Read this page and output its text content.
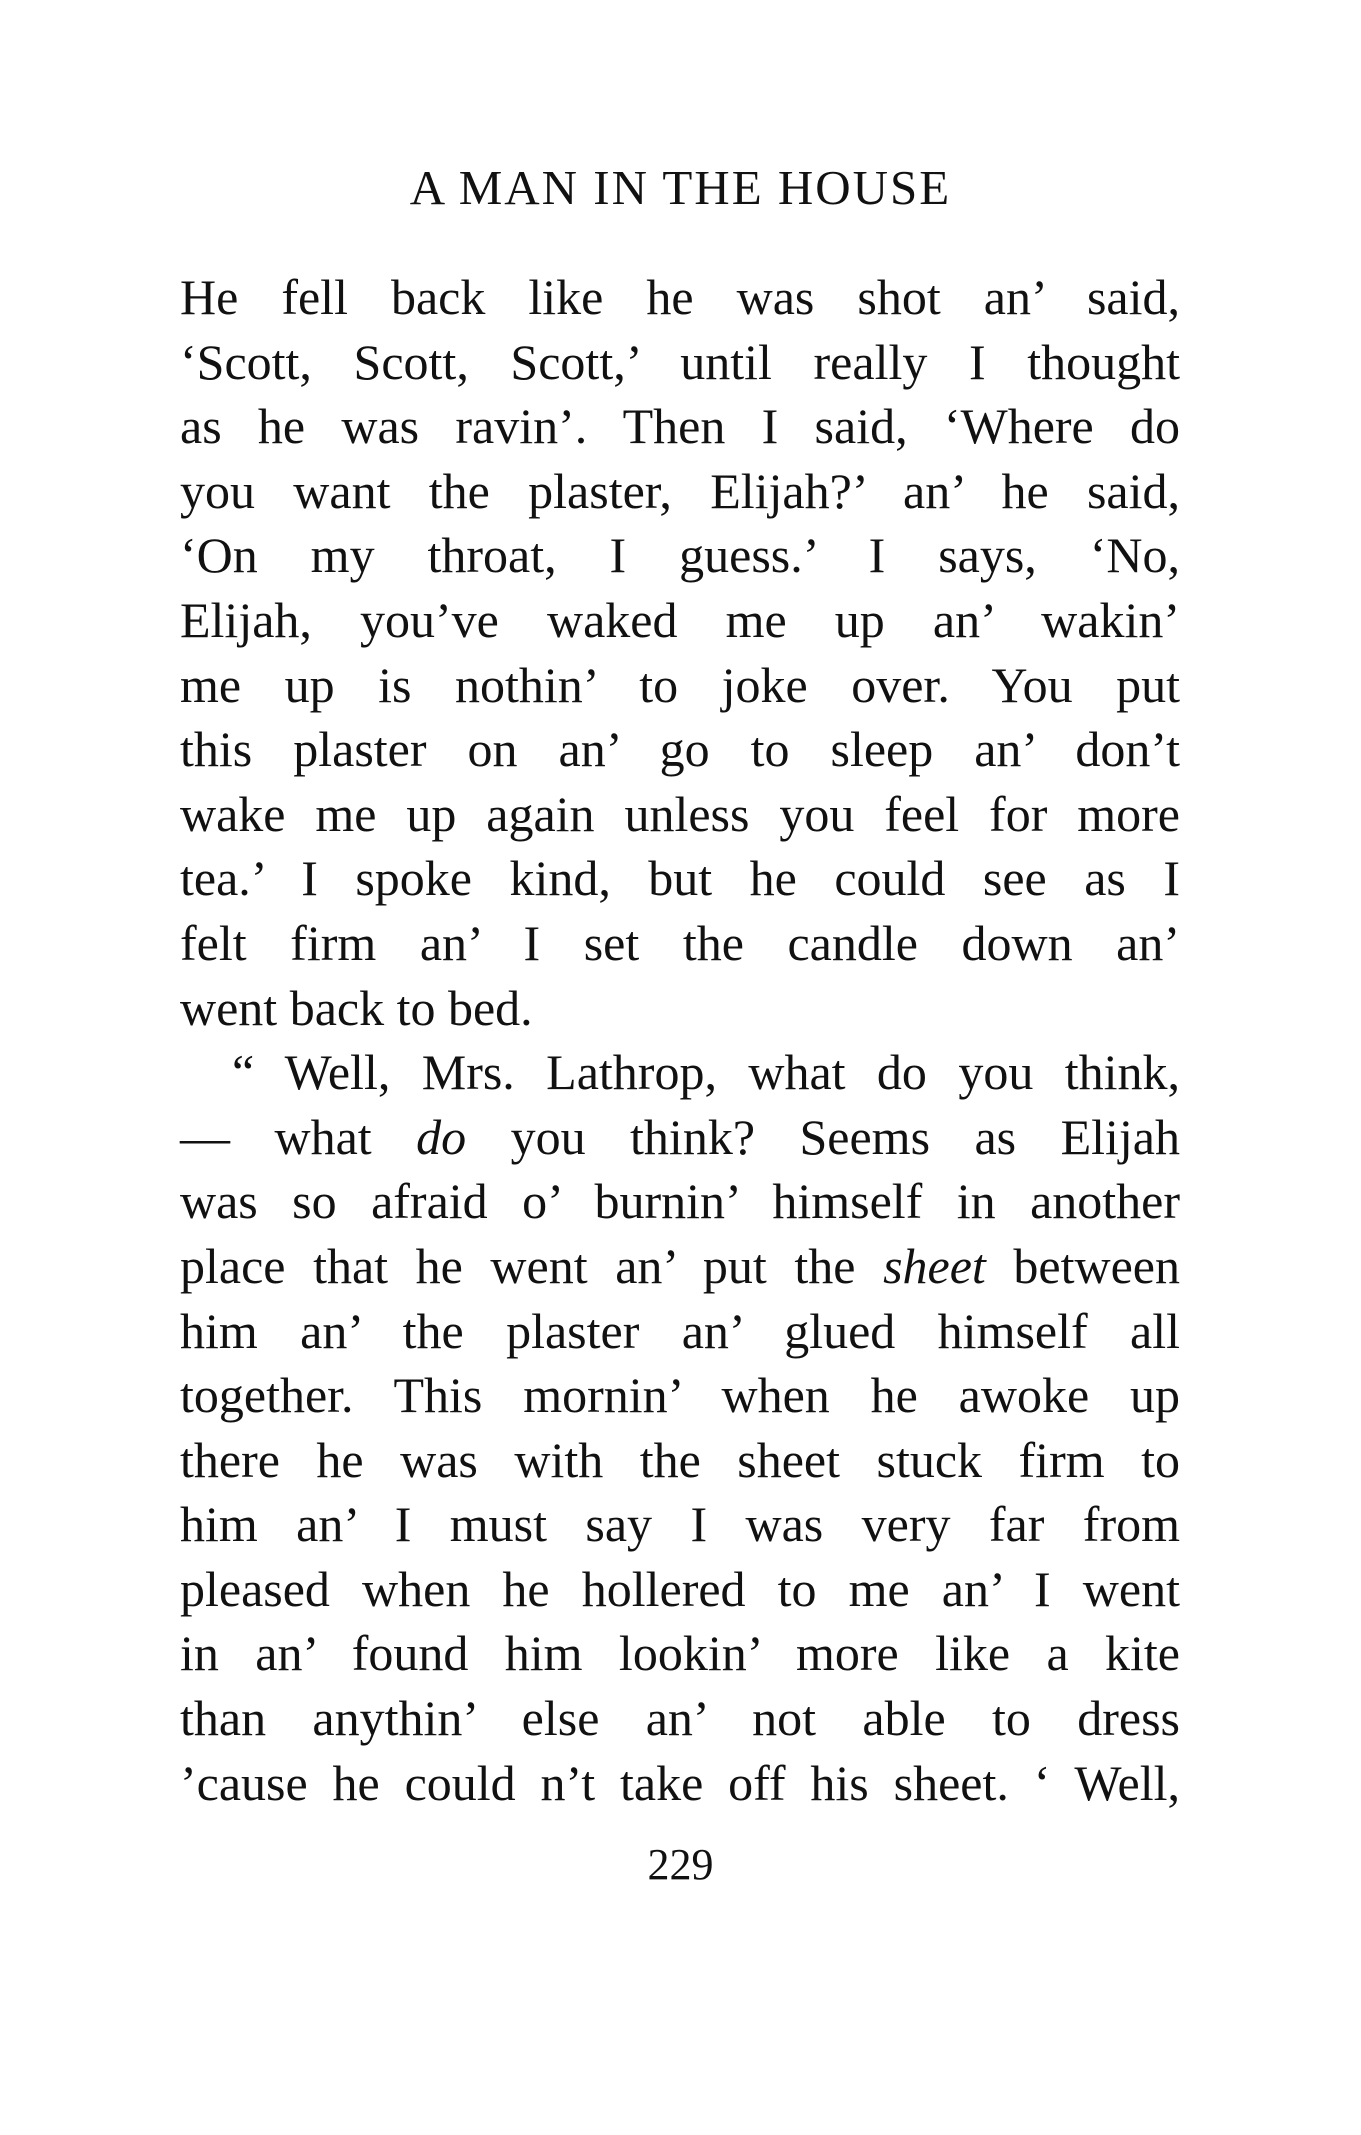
A MAN IN THE HOUSE
He fell back like he was shot an’ said,
‘Scott, Scott, Scott,’ until really I thought
as he was ravin’. Then I said, ‘Where do
you want the plaster, Elijah?’ an’ he said,
‘On my throat, I guess.’ I says, ‘No,
Elijah, you’ve waked me up an’ wakin’
me up is nothin’ to joke over. You put
this plaster on an’ go to sleep an’ don’t
wake me up again unless you feel for more
tea.’ I spoke kind, but he could see as I
felt firm an’ I set the candle down an’
went back to bed.
“ Well, Mrs. Lathrop, what do you think,
— what do you think? Seems as Elijah
was so afraid o’ burnin’ himself in another
place that he went an’ put the sheet between
him an’ the plaster an’ glued himself all
together. This mornin’ when he awoke up
there he was with the sheet stuck firm to
him an’ I must say I was very far from
pleased when he hollered to me an’ I went
in an’ found him lookin’ more like a kite
than anythin’ else an’ not able to dress
’cause he could n’t take off his sheet. ‘ Well,
229
